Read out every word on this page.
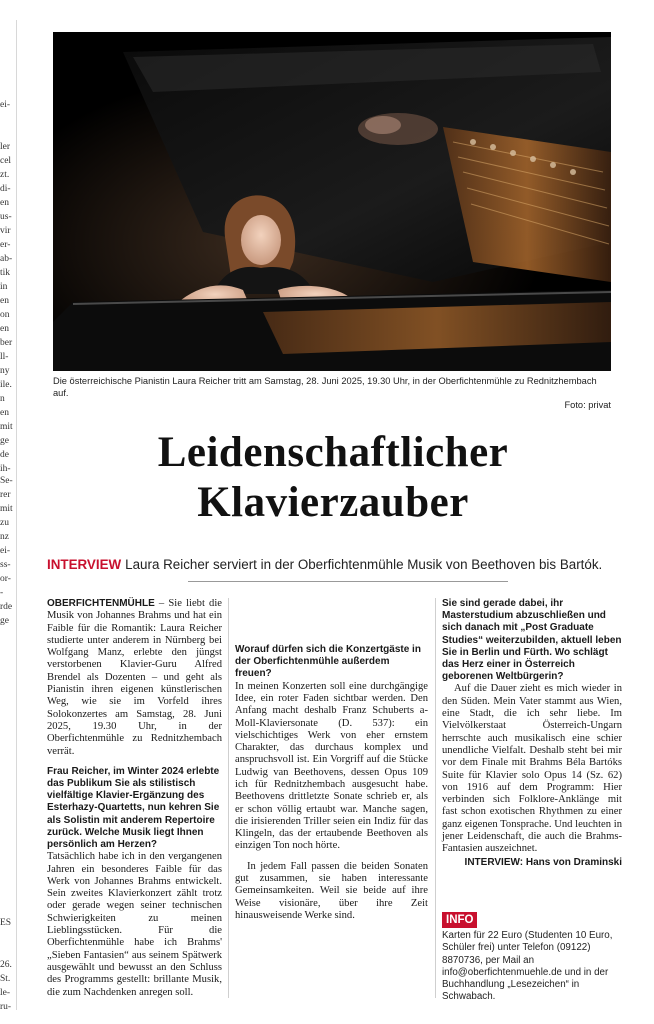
ei-
ler
cel
zt.
di-
en
us-
vir
er-
ab-
tik
in
en
on
en
ber
ll-
ny
ile.
n
en
mit
ge
de
ih-
Se-
rer
mit
zu
nz
ei-
ss-
or-
-
rde
ge
ES
26.
St.
le-
ru-
Die österreichische Pianistin Laura Reicher tritt am Samstag, 28. Juni 2025, 19.30 Uhr, in der Oberfichtenmühle zu Rednitzhembach auf.
Foto: privat
Leidenschaftlicher
Klavierzauber
INTERVIEW Laura Reicher serviert in der Oberfichtenmühle Musik von Beethoven bis Bartók.

OBERFICHTENMÜHLE – Sie liebt die Musik von Johannes Brahms und hat ein Faible für die Romantik: Laura Reicher studierte unter anderem in Nürnberg bei Wolfgang Manz, erlebte den jüngst verstorbenen Klavier-Guru Alfred Brendel als Dozenten – und geht als Pianistin ihren eigenen künstlerischen Weg, wie sie im Vorfeld ihres Solokonzertes am Samstag, 28. Juni 2025, 19.30 Uhr, in der Oberfichtenmühle zu Rednitzhembach verrät.

Frau Reicher, im Winter 2024 erlebte das Publikum Sie als stilistisch vielfältige Klavier-Ergänzung des Esterhazy-Quartetts, nun kehren Sie als Solistin mit anderem Repertoire zurück. Welche Musik liegt Ihnen persönlich am Herzen?

Tatsächlich habe ich in den vergangenen Jahren ein besonderes Faible für das Werk von Johannes Brahms entwickelt. Sein zweites Klavierkonzert zählt trotz oder gerade wegen seiner technischen Schwierigkeiten zu meinen Lieblingsstücken. Für die Oberfichtenmühle habe ich Brahms' „Sieben Fantasien“ aus seinem Spätwerk ausgewählt und bewusst an den Schluss des Programms gestellt: brillante Musik, die zum Nachdenken anregen soll.

Worauf dürfen sich die Konzertgäste in der Oberfichtenmühle außerdem freuen?

In meinen Konzerten soll eine durchgängige Idee, ein roter Faden sichtbar werden. Den Anfang macht deshalb Franz Schuberts a-Moll-Klaviersonate (D. 537): ein vielschichtiges Werk von eher ernstem Charakter, das durchaus komplex und anspruchsvoll ist. Ein Vorgriff auf die Stücke Ludwig van Beethovens, dessen Opus 109 ich für Rednitzhembach ausgesucht habe. Beethovens drittletzte Sonate schrieb er, als er schon völlig ertaubt war. Manche sagen, die irisierenden Triller seien ein Indiz für das Klingeln, das der ertaubende Beethoven als einzigen Ton noch hörte.

In jedem Fall passen die beiden Sonaten gut zusammen, sie haben interessante Gemeinsamkeiten. Weil sie beide auf ihre Weise visionäre, über ihre Zeit hinausweisende Werke sind.

Sie sind gerade dabei, ihr Masterstudium abzuschließen und sich danach mit „Post Graduate Studies“ weiterzubilden, aktuell leben Sie in Berlin und Fürth. Wo schlägt das Herz einer in Österreich geborenen Weltbürgerin?

Auf die Dauer zieht es mich wieder in den Süden. Mein Vater stammt aus Wien, eine Stadt, die ich sehr liebe. Im Vielvölkerstaat Österreich-Ungarn herrschte auch musikalisch eine schier unendliche Vielfalt. Deshalb steht bei mir vor dem Finale mit Brahms Béla Bartóks Suite für Klavier solo Opus 14 (Sz. 62) von 1916 auf dem Programm: Hier verbinden sich Folklore-Anklänge mit fast schon exotischen Rhythmen zu einer ganz eigenen Tonsprache. Und leuchten in jener Leidenschaft, die auch die Brahms-Fantasien auszeichnet.

INTERVIEW: Hans von Draminski
INFO
Karten für 22 Euro (Studenten 10 Euro, Schüler frei) unter Telefon (09122) 8870736, per Mail an info@oberfichtenmuehle.de und in der Buchhandlung „Lesezeichen“ in Schwabach.
